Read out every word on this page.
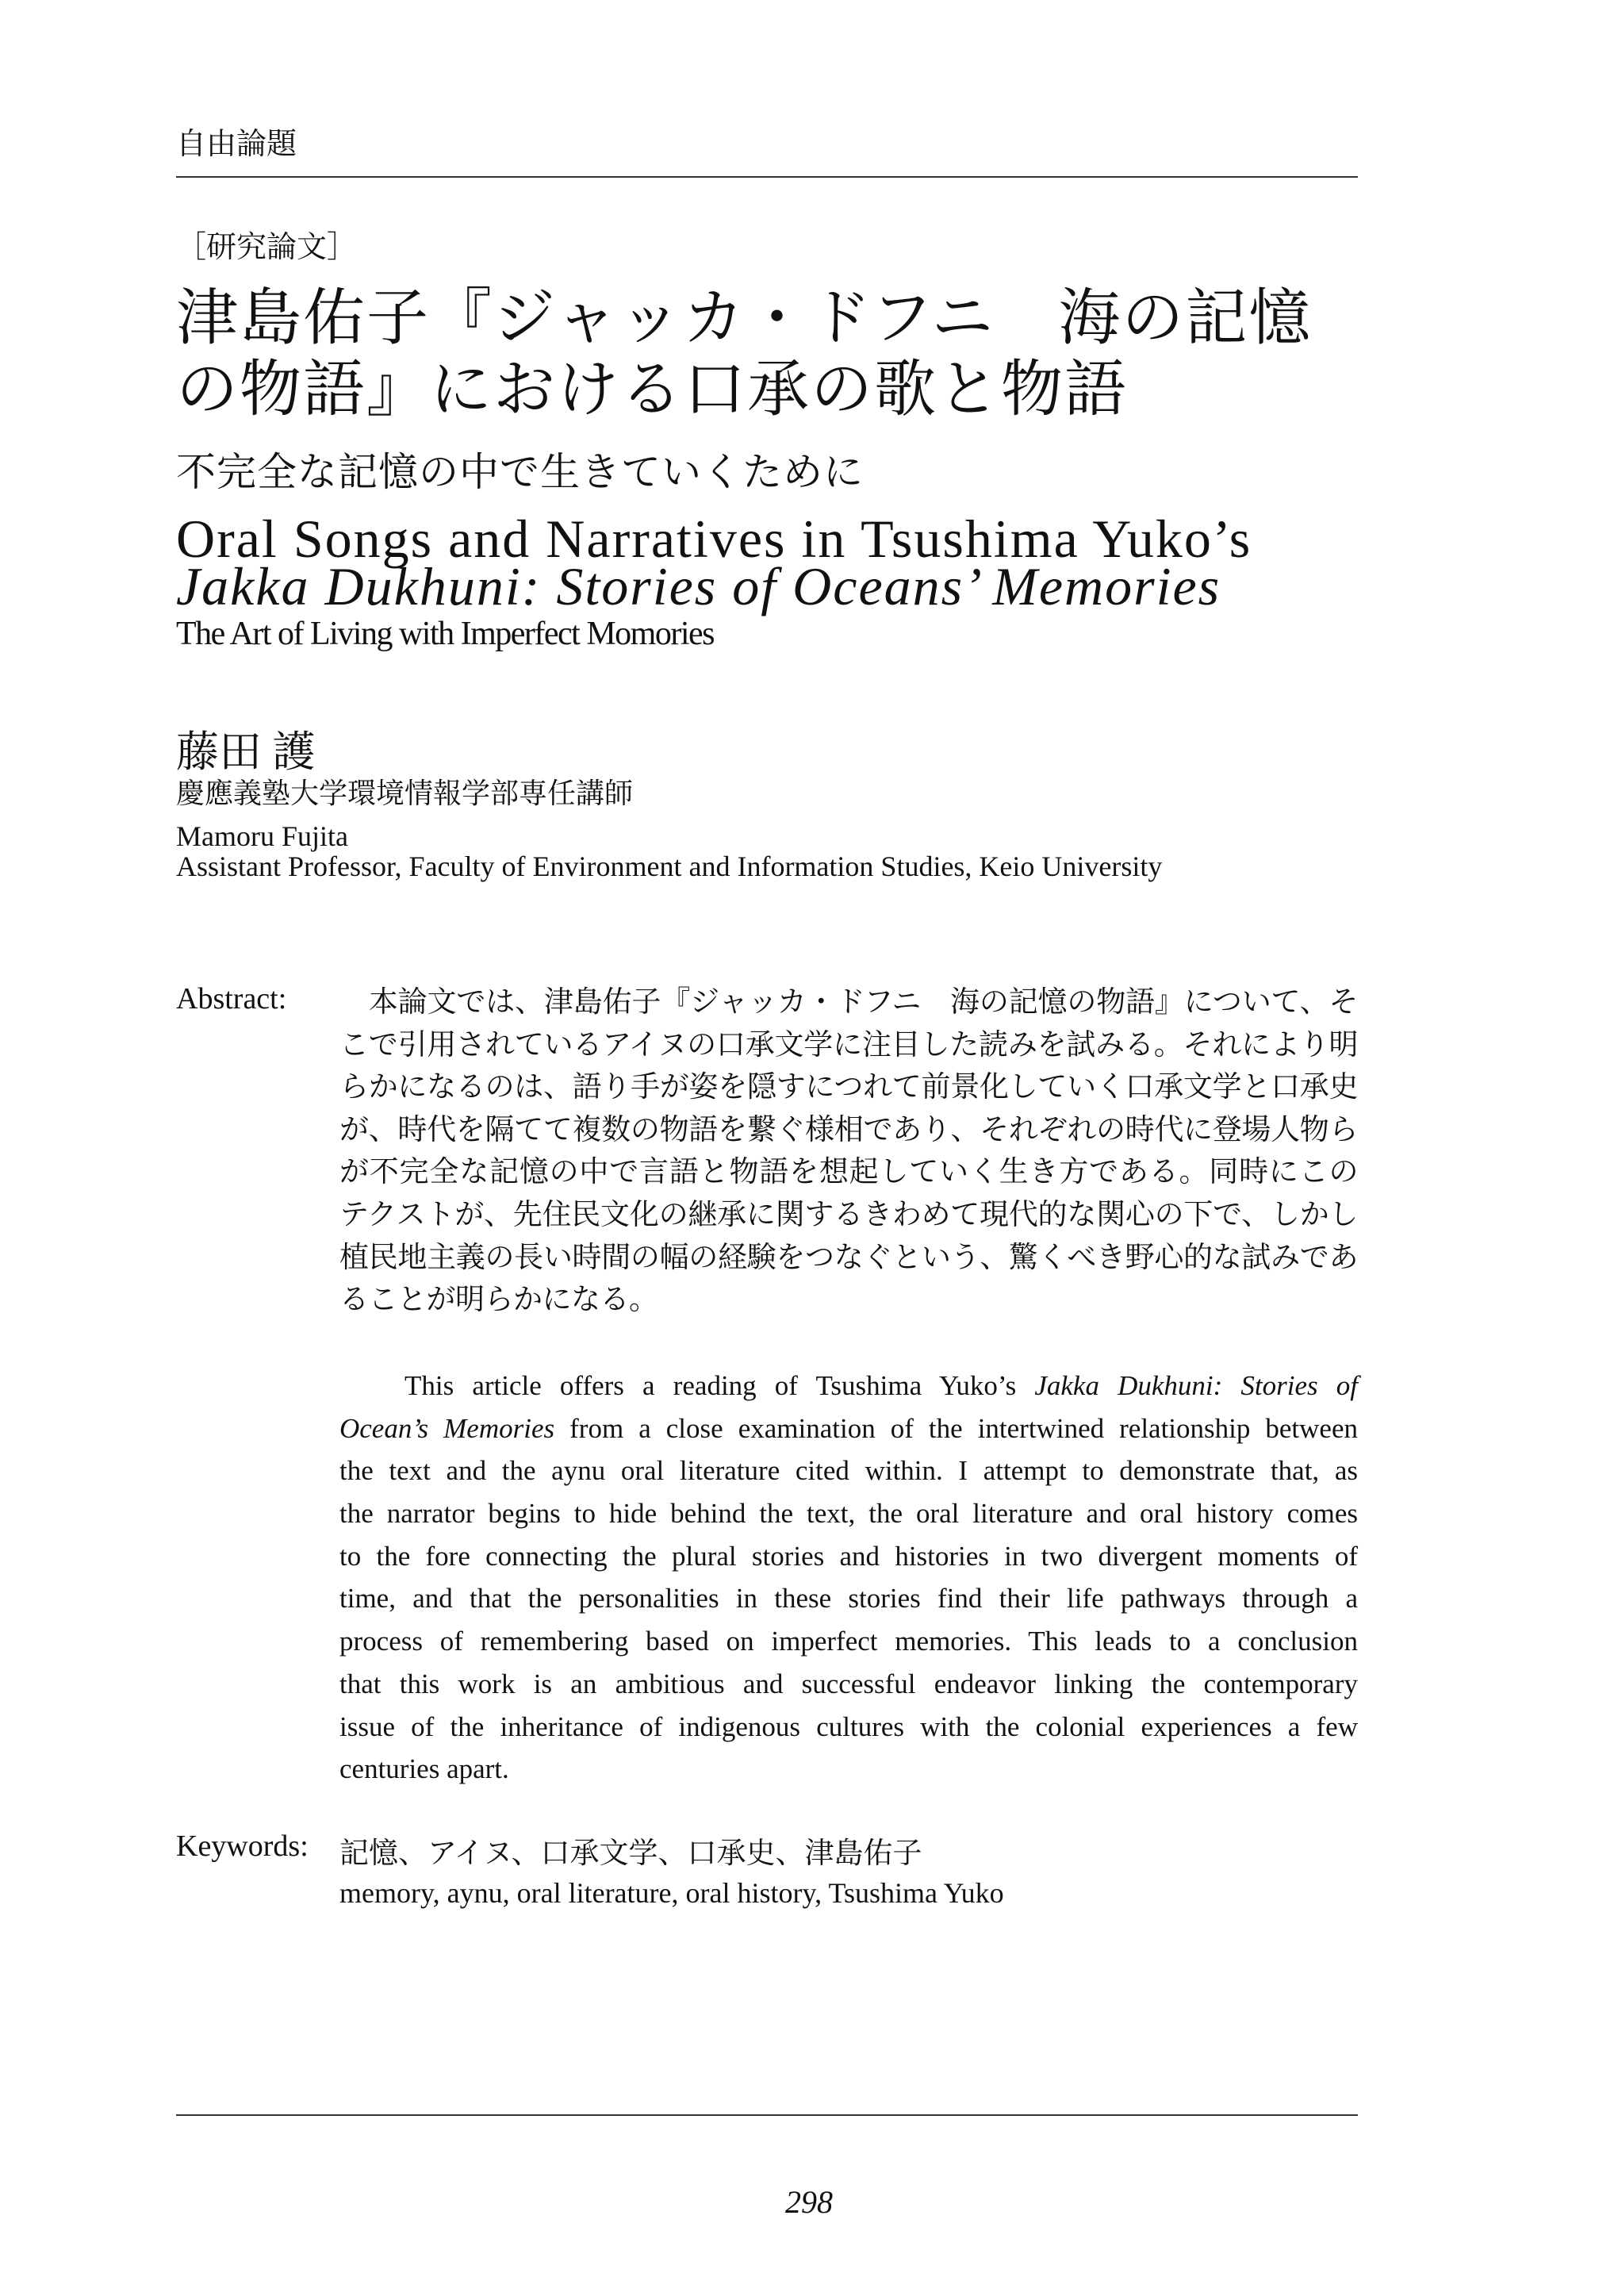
自由論題
［研究論文］
津島佑子『ジャッカ・ドフニ　海の記憶
の物語』における口承の歌と物語
不完全な記憶の中で生きていくために
Oral Songs and Narratives in Tsushima Yuko’s
Jakka Dukhuni: Stories of Oceans’ Memories
The Art of Living with Imperfect Momories
藤田 護
慶應義塾大学環境情報学部専任講師
Mamoru Fujita
Assistant Professor, Faculty of Environment and Information Studies, Keio University
Abstract: 　本論文では、津島佑子『ジャッカ・ドフニ　海の記憶の物語』について、そ
こで引用されているアイヌの口承文学に注目した読みを試みる。それにより明
らかになるのは、語り手が姿を隠すにつれて前景化していく口承文学と口承史
が、時代を隔てて複数の物語を繋ぐ様相であり、それぞれの時代に登場人物ら
が不完全な記憶の中で言語と物語を想起していく生き方である。同時にこの
テクストが、先住民文化の継承に関するきわめて現代的な関心の下で、しかし
植民地主義の長い時間の幅の経験をつなぐという、驚くべき野心的な試みであ
ることが明らかになる。
This article offers a reading of Tsushima Yuko’s Jakka Dukhuni: Stories of
Ocean’s Memories from a close examination of the intertwined relationship between
the text and the aynu oral literature cited within. I attempt to demonstrate that, as
the narrator begins to hide behind the text, the oral literature and oral history comes
to the fore connecting the plural stories and histories in two divergent moments of
time, and that the personalities in these stories find their life pathways through a
process of remembering based on imperfect memories. This leads to a conclusion
that this work is an ambitious and successful endeavor linking the contemporary
issue of the inheritance of indigenous cultures with the colonial experiences a few
centuries apart.
Keywords: 記憶、アイヌ、口承文学、口承史、津島佑子
memory, aynu, oral literature, oral history, Tsushima Yuko
298
